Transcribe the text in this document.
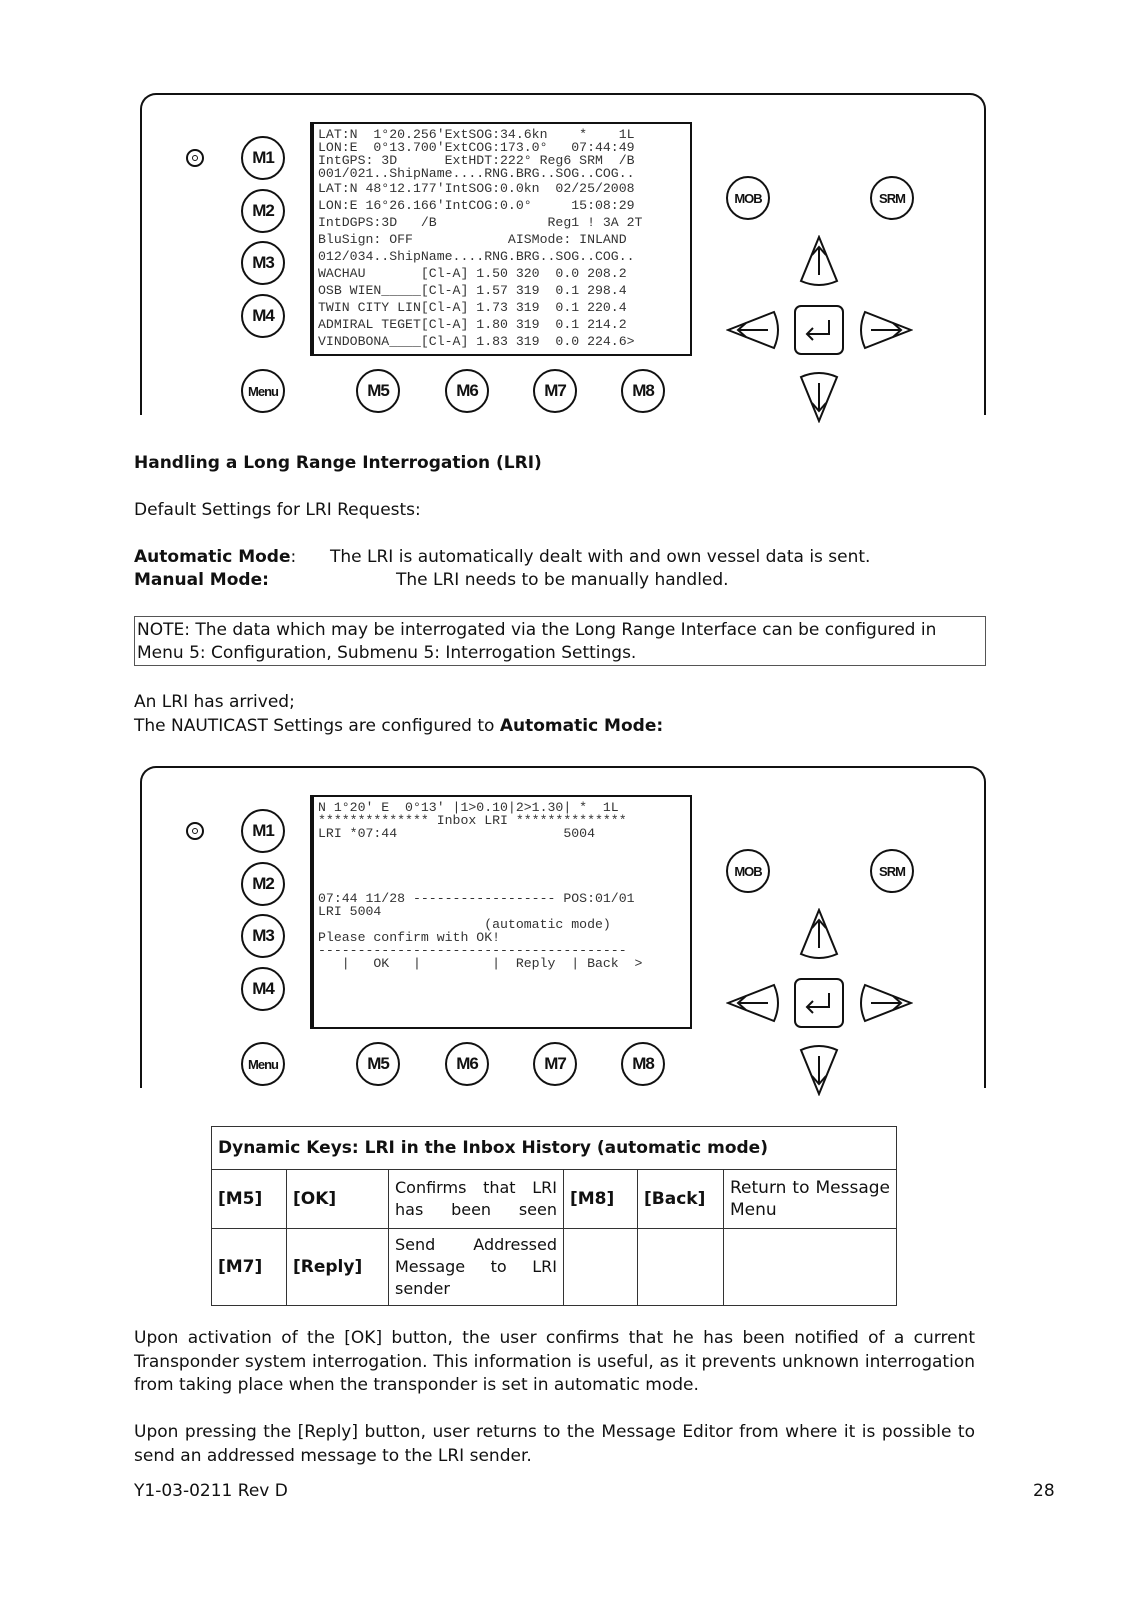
M1
M2
M3
M4
Menu	M5	M6	M7	M8
MOB	SRM
LAT:N  1°20.256'ExtSOG:34.6kn    *    1L
LON:E  0°13.700'ExtCOG:173.0°   07:44:49
IntGPS: 3D      ExtHDT:222° Reg6 SRM  /B
001/021..ShipName....RNG.BRG..SOG..COG..
LAT:N 48°12.177'IntSOG:0.0kn  02/25/2008
LON:E 16°26.166'IntCOG:0.0°     15:08:29
IntDGPS:3D   /B              Reg1 ! 3A 2T
BluSign: OFF            AISMode: INLAND
012/034..ShipName....RNG.BRG..SOG..COG..
WACHAU       [Cl-A] 1.50 320  0.0 208.2
OSB WIEN_____[Cl-A] 1.57 319  0.1 298.4
TWIN CITY LIN[Cl-A] 1.73 319  0.1 220.4
ADMIRAL TEGET[Cl-A] 1.80 319  0.1 214.2
VINDOBONA____[Cl-A] 1.83 319  0.0 224.6>
Handling a Long Range Interrogation (LRI)
Default Settings for LRI Requests:
Automatic Mode: The LRI is automatically dealt with and own vessel data is sent.
Manual Mode:	The LRI needs to be manually handled.
NOTE: The data which may be interrogated via the Long Range Interface can be configured in Menu 5: Configuration, Submenu 5: Interrogation Settings.
An LRI has arrived;
The NAUTICAST Settings are configured to Automatic Mode:
M1
M2
M3
M4
Menu	M5	M6	M7	M8
MOB	SRM
N 1°20' E  0°13' |1>0.10|2>1.30| *  1L
************** Inbox LRI **************
LRI *07:44                     5004
07:44 11/28 ------------------ POS:01/01
LRI 5004
(automatic mode)
Please confirm with OK!
---------------------------------------
|   OK   |         |  Reply  | Back  >
Dynamic Keys: LRI in the Inbox History (automatic mode)					
[M5]	[OK]	Confirms that LRI has been seen	[M8]	[Back]	Return to Message Menu
[M7]	[Reply]	Send Addressed Message to LRI sender			
Upon activation of the [OK] button, the user confirms that he has been notified of a current Transponder system interrogation. This information is useful, as it prevents unknown interrogation from taking place when the transponder is set in automatic mode.
Upon pressing the [Reply] button, user returns to the Message Editor from where it is possible to send an addressed message to the LRI sender.
Y1-03-0211 Rev D	28
